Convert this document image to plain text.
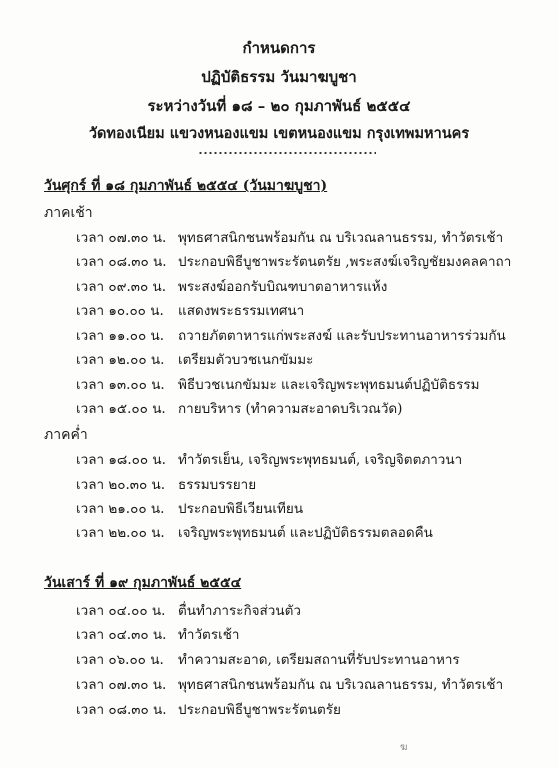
กำหนดการ
ปฏิบัติธรรม วันมาฆบูชา
ระหว่างวันที่ ๑๘ – ๒๐ กุมภาพันธ์ ๒๕๕๔
วัดทองเนียม แขวงหนองแขม เขตหนองแขม กรุงเทพมหานคร
วันศุกร์ ที่ ๑๘ กุมภาพันธ์ ๒๕๕๔ (วันมาฆบูชา)
ภาคเช้า
เวลา ๐๗.๓๐ น. พุทธศาสนิกชนพร้อมกัน ณ บริเวณลานธรรม, ทำวัตรเช้า
เวลา ๐๘.๓๐ น. ประกอบพิธีบูชาพระรัตนตรัย ,พระสงฆ์เจริญชัยมงคลคาถา
เวลา ๐๙.๓๐ น. พระสงฆ์ออกรับบิณฑบาตอาหารแห้ง
เวลา ๑๐.๐๐ น. แสดงพระธรรมเทศนา
เวลา ๑๑.๐๐ น. ถวายภัตตาหารแก่พระสงฆ์ และรับประทานอาหารร่วมกัน
เวลา ๑๒.๐๐ น. เตรียมตัวบวชเนกขัมมะ
เวลา ๑๓.๐๐ น. พิธีบวชเนกขัมมะ และเจริญพระพุทธมนต์ปฏิบัติธรรม
เวลา ๑๕.๐๐ น. กายบริหาร (ทำความสะอาดบริเวณวัด)
ภาคค่ำ
เวลา ๑๘.๐๐ น. ทำวัตรเย็น, เจริญพระพุทธมนต์, เจริญจิตตภาวนา
เวลา ๒๐.๓๐ น. ธรรมบรรยาย
เวลา ๒๑.๐๐ น. ประกอบพิธีเวียนเทียน
เวลา ๒๒.๐๐ น. เจริญพระพุทธมนต์ และปฏิบัติธรรมตลอดคืน
วันเสาร์ ที่ ๑๙ กุมภาพันธ์ ๒๕๕๔
เวลา ๐๔.๐๐ น. ตื่นทำภาระกิจส่วนตัว
เวลา ๐๔.๓๐ น. ทำวัตรเช้า
เวลา ๐๖.๐๐ น. ทำความสะอาด, เตรียมสถานที่รับประทานอาหาร
เวลา ๐๗.๓๐ น. พุทธศาสนิกชนพร้อมกัน ณ บริเวณลานธรรม, ทำวัตรเช้า
เวลา ๐๘.๓๐ น. ประกอบพิธีบูชาพระรัตนตรัย
ฆ
